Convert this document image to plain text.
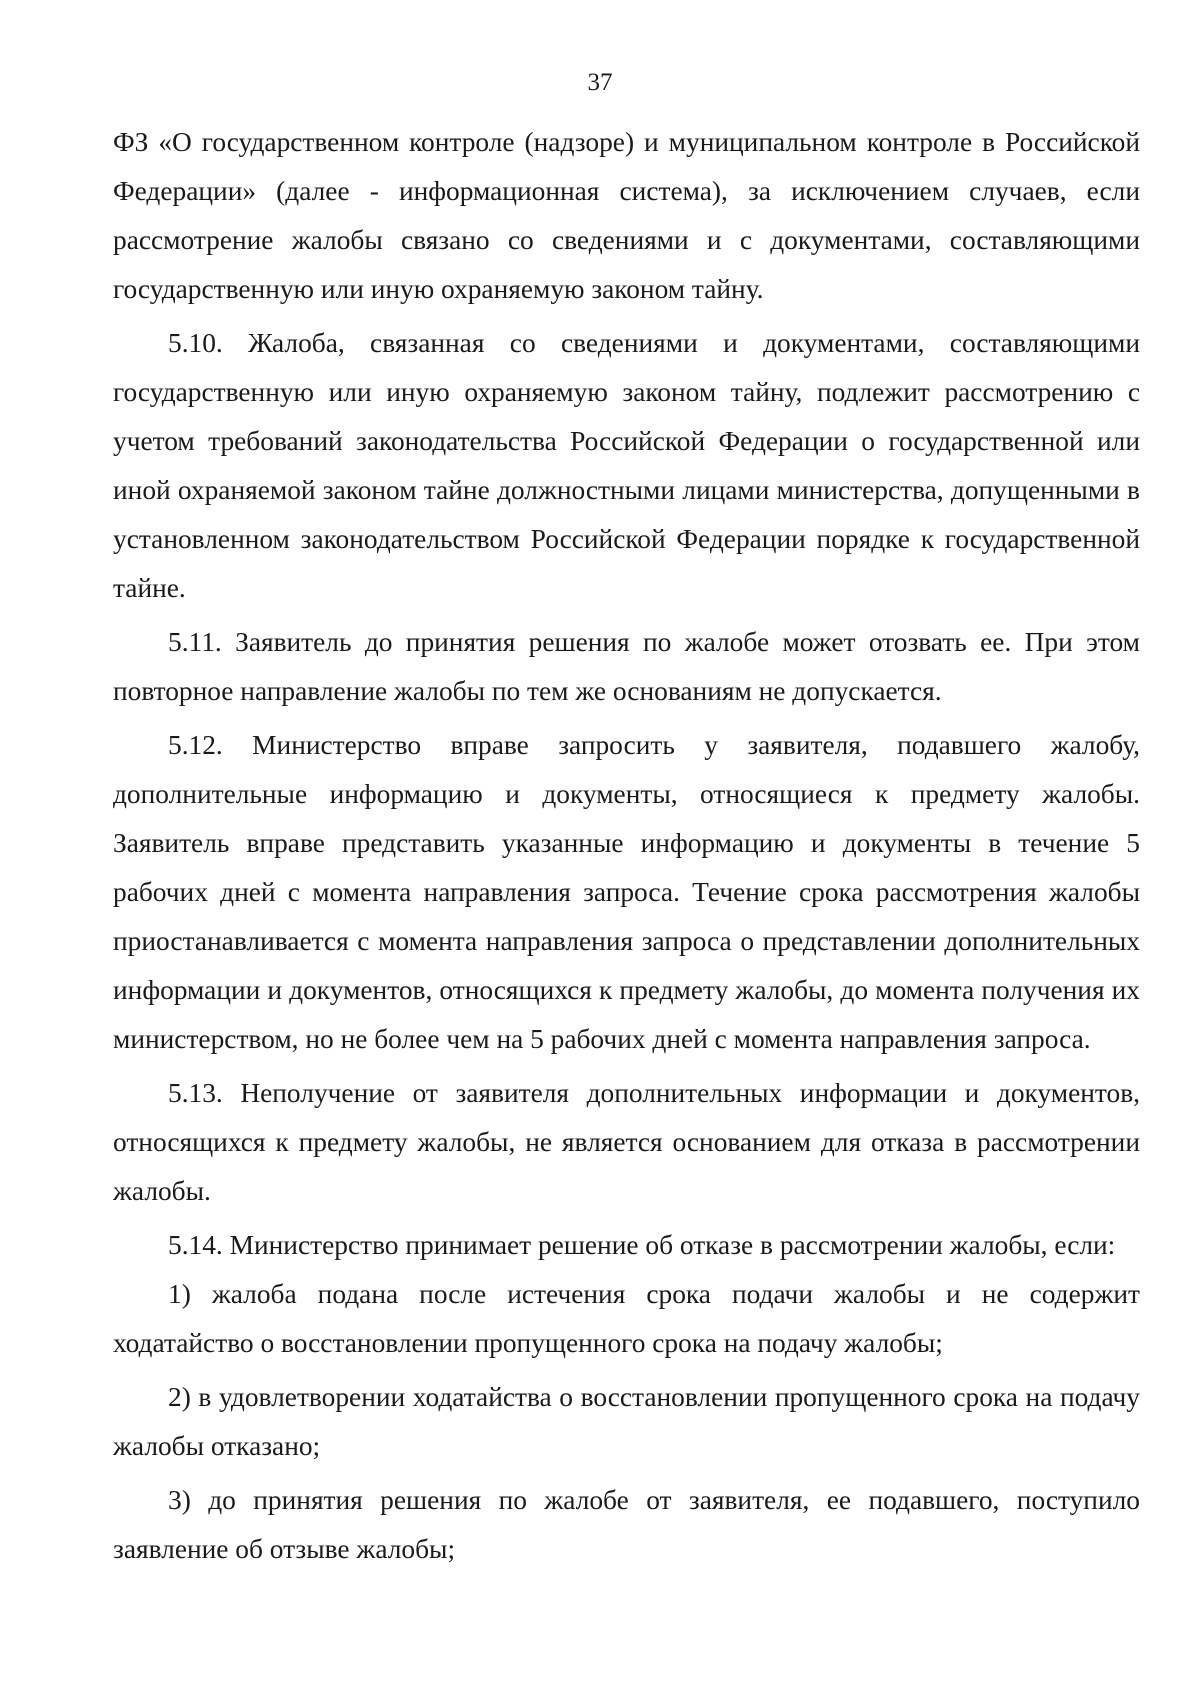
37

ФЗ «О государственном контроле (надзоре) и муниципальном контроле в Российской Федерации» (далее - информационная система), за исключением случаев, если рассмотрение жалобы связано со сведениями и с документами, составляющими государственную или иную охраняемую законом тайну.

5.10. Жалоба, связанная со сведениями и документами, составляющими государственную или иную охраняемую законом тайну, подлежит рассмотрению с учетом требований законодательства Российской Федерации о государственной или иной охраняемой законом тайне должностными лицами министерства, допущенными в установленном законодательством Российской Федерации порядке к государственной тайне.

5.11. Заявитель до принятия решения по жалобе может отозвать ее. При этом повторное направление жалобы по тем же основаниям не допускается.

5.12. Министерство вправе запросить у заявителя, подавшего жалобу, дополнительные информацию и документы, относящиеся к предмету жалобы. Заявитель вправе представить указанные информацию и документы в течение 5 рабочих дней с момента направления запроса. Течение срока рассмотрения жалобы приостанавливается с момента направления запроса о представлении дополнительных информации и документов, относящихся к предмету жалобы, до момента получения их министерством, но не более чем на 5 рабочих дней с момента направления запроса.

5.13. Неполучение от заявителя дополнительных информации и документов, относящихся к предмету жалобы, не является основанием для отказа в рассмотрении жалобы.

5.14. Министерство принимает решение об отказе в рассмотрении жалобы, если:

1) жалоба подана после истечения срока подачи жалобы и не содержит ходатайство о восстановлении пропущенного срока на подачу жалобы;

2) в удовлетворении ходатайства о восстановлении пропущенного срока на подачу жалобы отказано;

3) до принятия решения по жалобе от заявителя, ее подавшего, поступило заявление об отзыве жалобы;
